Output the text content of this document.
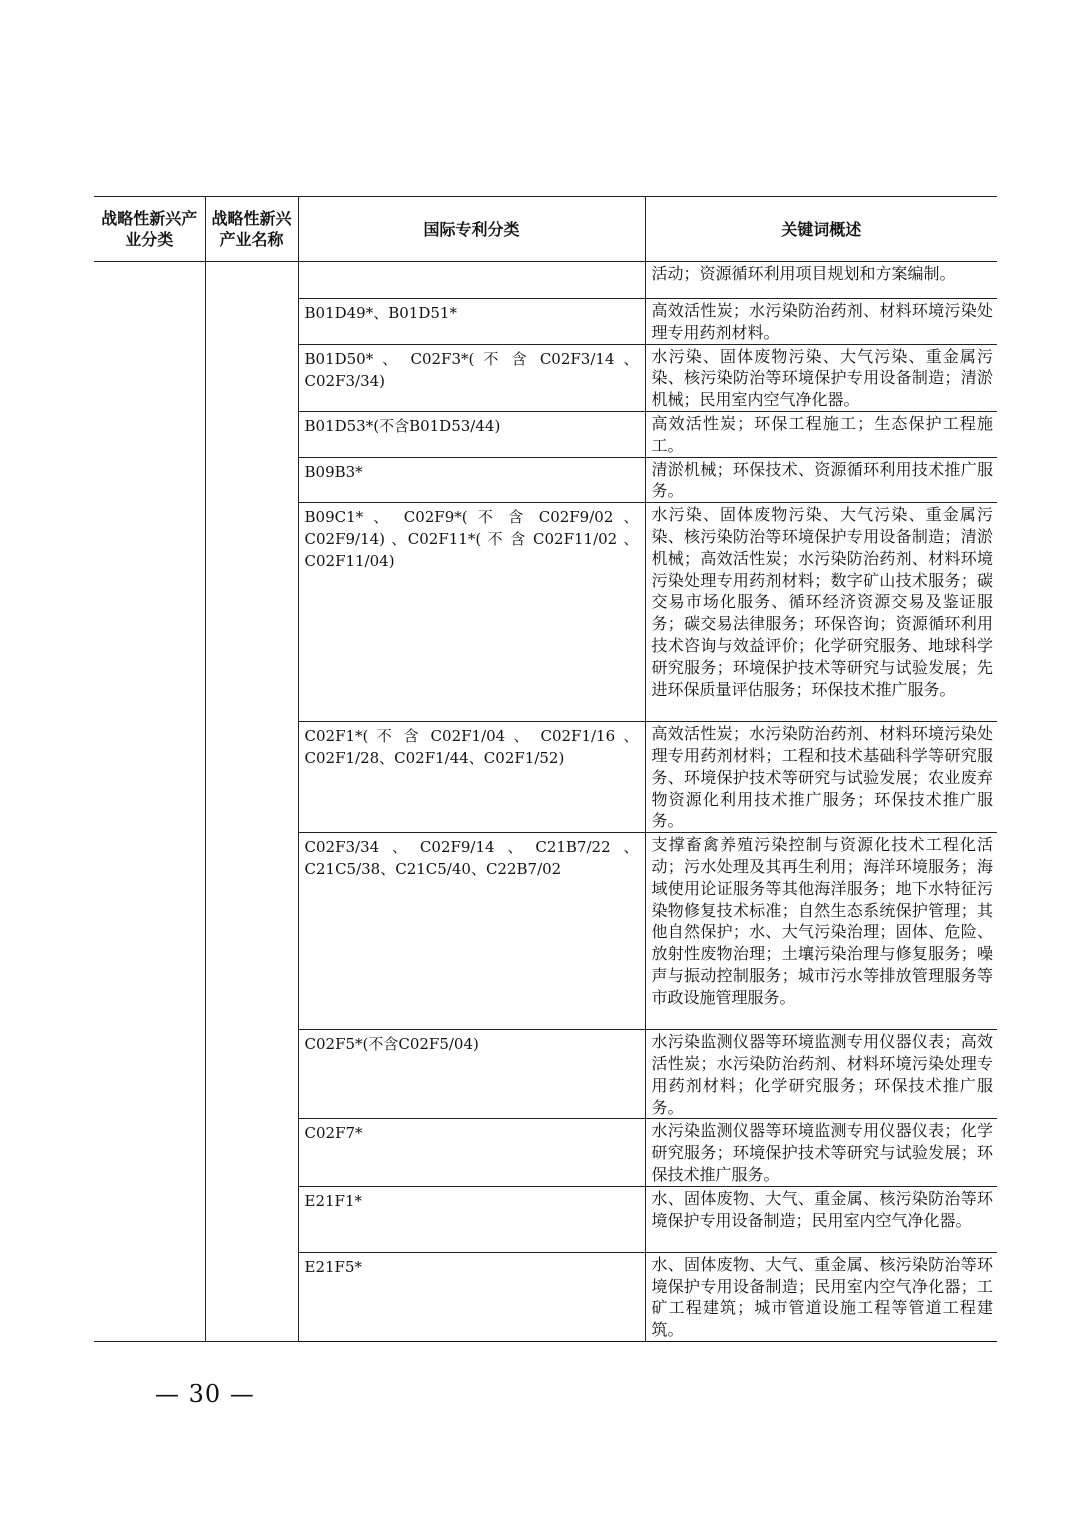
战略性新兴产业分类	战略性新兴产业名称	国际专利分类	关键词概述
			活动；资源循环利用项目规划和方案编制。
		B01D49*、B01D51*	高效活性炭；水污染防治药剂、材料环境污染处理专用药剂材料。
		B01D50* 、 C02F3*( 不 含 C02F3/14 、C02F3/34)	水污染、固体废物污染、大气污染、重金属污染、核污染防治等环境保护专用设备制造；清淤机械；民用室内空气净化器。
		B01D53*(不含B01D53/44)	高效活性炭；环保工程施工；生态保护工程施工。
		B09B3*	清淤机械；环保技术、资源循环利用技术推广服务。
		B09C1* 、 C02F9*( 不 含 C02F9/02 、C02F9/14) 、C02F11*( 不 含 C02F11/02 、C02F11/04)	水污染、固体废物污染、大气污染、重金属污染、核污染防治等环境保护专用设备制造；清淤机械；高效活性炭；水污染防治药剂、材料环境污染处理专用药剂材料；数字矿山技术服务；碳交易市场化服务、循环经济资源交易及鉴证服务；碳交易法律服务；环保咨询；资源循环利用技术咨询与效益评价；化学研究服务、地球科学研究服务；环境保护技术等研究与试验发展；先进环保质量评估服务；环保技术推广服务。
		C02F1*( 不 含 C02F1/04 、 C02F1/16 、C02F1/28、C02F1/44、C02F1/52)	高效活性炭；水污染防治药剂、材料环境污染处理专用药剂材料；工程和技术基础科学等研究服务、环境保护技术等研究与试验发展；农业废弃物资源化利用技术推广服务；环保技术推广服务。
		C02F3/34、C02F9/14、C21B7/22、C21C5/38、C21C5/40、C22B7/02	支撑畜禽养殖污染控制与资源化技术工程化活动；污水处理及其再生利用；海洋环境服务；海域使用论证服务等其他海洋服务；地下水特征污染物修复技术标准；自然生态系统保护管理；其他自然保护；水、大气污染治理；固体、危险、放射性废物治理；土壤污染治理与修复服务；噪声与振动控制服务；城市污水等排放管理服务等市政设施管理服务。
		C02F5*(不含C02F5/04)	水污染监测仪器等环境监测专用仪器仪表；高效活性炭；水污染防治药剂、材料环境污染处理专用药剂材料；化学研究服务；环保技术推广服务。
		C02F7*	水污染监测仪器等环境监测专用仪器仪表；化学研究服务；环境保护技术等研究与试验发展；环保技术推广服务。
		E21F1*	水、固体废物、大气、重金属、核污染防治等环境保护专用设备制造；民用室内空气净化器。
		E21F5*	水、固体废物、大气、重金属、核污染防治等环境保护专用设备制造；民用室内空气净化器；工矿工程建筑；城市管道设施工程等管道工程建筑。
— 30 —
